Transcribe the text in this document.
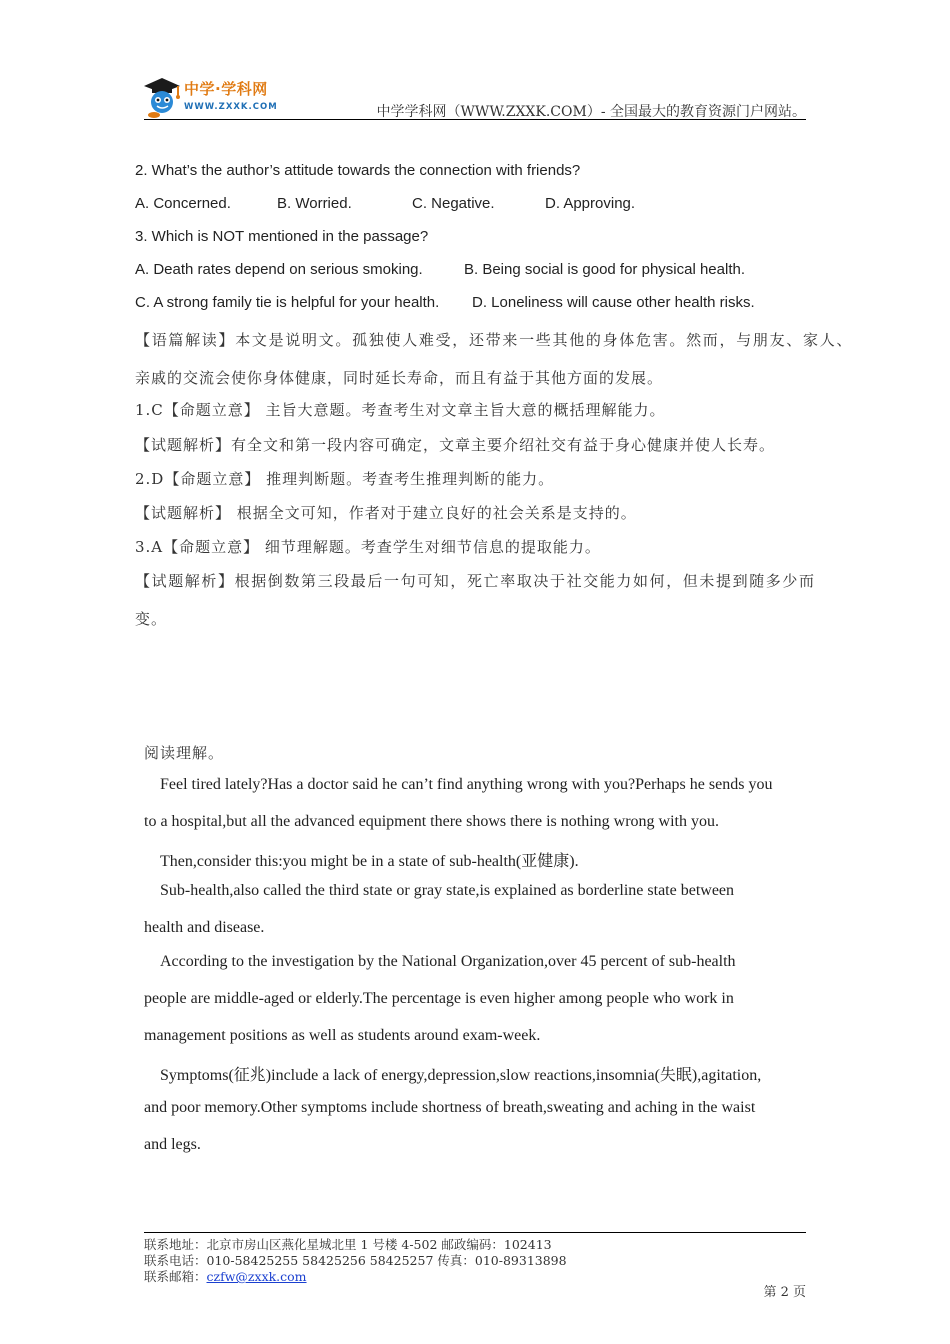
中学·学科网
WWW.ZXXK.COM	中学学科网（WWW.ZXXK.COM）- 全国最大的教育资源门户网站。
2. What’s the author’s attitude towards the connection with friends?
A. Concerned.	B. Worried.	C. Negative.	D. Approving.
3. Which is NOT mentioned in the passage?
A. Death rates depend on serious smoking.	B. Being social is good for physical health.
C. A strong family tie is helpful for your health. D. Loneliness will cause other health risks.
【语篇解读】本文是说明文。孤独使人难受，还带来一些其他的身体危害。然而，与朋友、家人、
亲戚的交流会使你身体健康，同时延长寿命，而且有益于其他方面的发展。
1.C【命题立意】 主旨大意题。考查考生对文章主旨大意的概括理解能力。
【试题解析】有全文和第一段内容可确定，文章主要介绍社交有益于身心健康并使人长寿。
2.D【命题立意】 推理判断题。考查考生推理判断的能力。
【试题解析】 根据全文可知，作者对于建立良好的社会关系是支持的。
3.A【命题立意】 细节理解题。考查学生对细节信息的提取能力。
【试题解析】根据倒数第三段最后一句可知，死亡率取决于社交能力如何，但未提到随多少而
变。
阅读理解。
Feel tired lately?Has a doctor said he can’t find anything wrong with you?Perhaps he sends you
to a hospital,but all the advanced equipment there shows there is nothing wrong with you.
Then,consider this:you might be in a state of sub-health(亚健康).
Sub-health,also called the third state or gray state,is explained as borderline state between
health and disease.
According to the investigation by the National Organization,over 45 percent of sub-health
people are middle-aged or elderly.The percentage is even higher among people who work in
management positions as well as students around exam-week.
Symptoms(征兆)include a lack of energy,depression,slow reactions,insomnia(失眠),agitation,
and poor memory.Other symptoms include shortness of breath,sweating and aching in the waist
and legs.
联系地址：北京市房山区燕化星城北里 1 号楼 4-502 邮政编码：102413
联系电话：010-58425255 58425256 58425257 传真：010-89313898
联系邮箱：czfw@zxxk.com
第 2 页
